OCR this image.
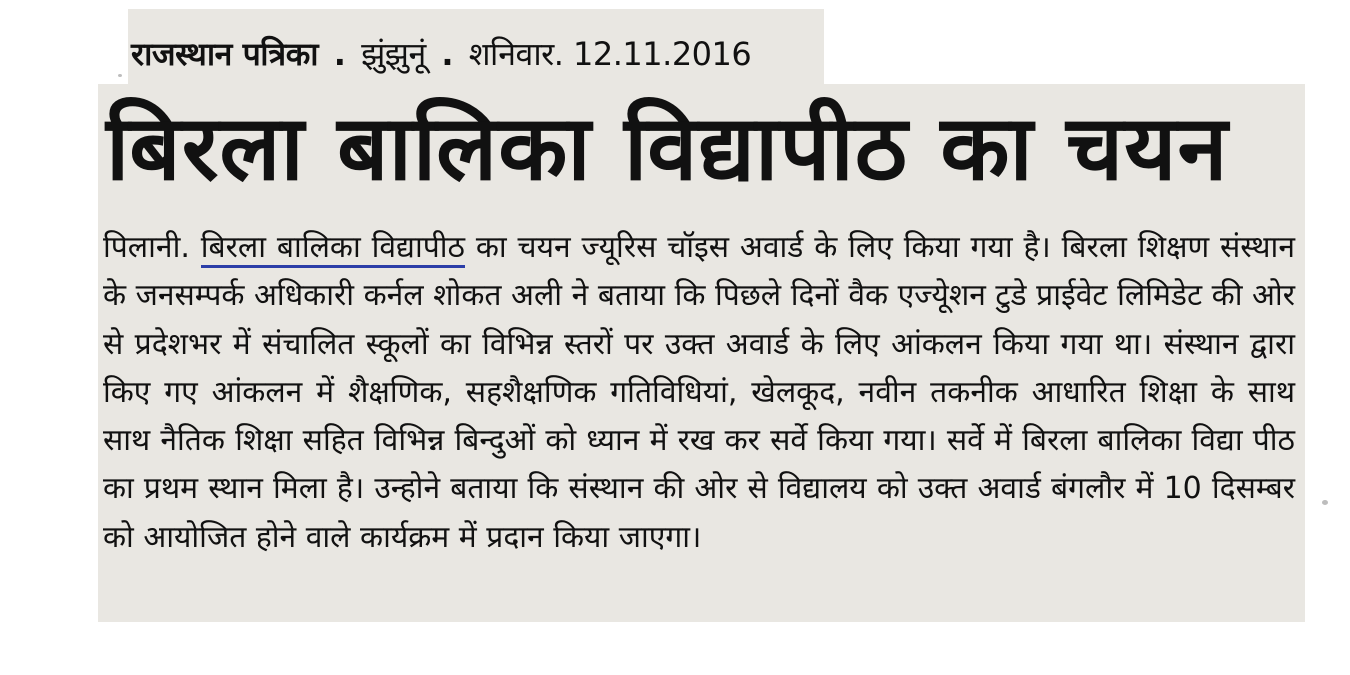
राजस्थान पत्रिका . झुंझुनूं . शनिवार. 12.11.2016
बिरला बालिका विद्यापीठ का चयन

पिलानी. बिरला बालिका विद्यापीठ का चयन ज्यूरिस चॉइस अवार्ड के लिए किया गया है। बिरला शिक्षण संस्थान के जनसम्पर्क अधिकारी कर्नल शोकत अली ने बताया कि पिछले दिनों वैक एज्यूेशन टुडे प्राईवेट लिमिडेट की ओर से प्रदेशभर में संचालित स्कूलों का विभिन्न स्तरों पर उक्त अवार्ड के लिए आंकलन किया गया था। संस्थान द्वारा किए गए आंकलन में शैक्षणिक, सहशैक्षणिक गतिविधियां, खेलकूद, नवीन तकनीक आधारित शिक्षा के साथ साथ नैतिक शिक्षा सहित विभिन्न बिन्दुओं को ध्यान में रख कर सर्वे किया गया। सर्वे में बिरला बालिका विद्या पीठ का प्रथम स्थान मिला है। उन्होने बताया कि संस्थान की ओर से विद्यालय को उक्त अवार्ड बंगलौर में 10 दिसम्बर को आयोजित होने वाले कार्यक्रम में प्रदान किया जाएगा।
